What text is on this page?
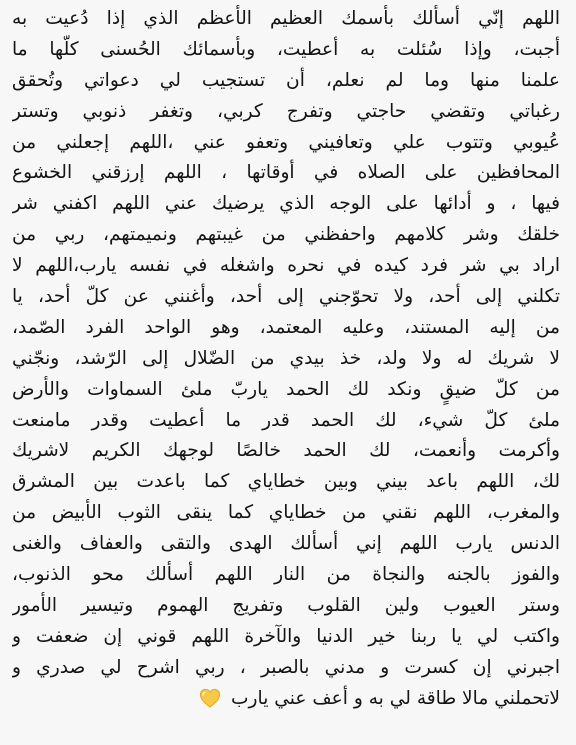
اللهم إنّي أسألك بأسمك العظيم الأعظم الذي إذا دُعيت به
أجبت، وإذا سُئلت به أعطيت، وبأسمائك الحُسنى كلّها ما
علمنا منها وما لم نعلم، أن تستجيب لي دعواتي وتُحقق
رغباتي وتقضي حاجتي وتفرج كربي، وتغفر ذنوبي وتستر
عُيوبي وتتوب علي وتعافيني وتعفو عني ،اللهم إجعلني من
المحافظين على الصلاه في أوقاتها ، اللهم إرزقني الخشوع
فيها ، و أدائها على الوجه الذي يرضيك عني اللهم اكفني شر
خلقك وشر كلامهم واحفظني من غيبتهم ونميمتهم، ربي من
اراد بي شر فرد كيده في نحره واشغله في نفسه يارب،اللهم لا
تكلني إلى أحد، ولا تحوّجني إلى أحد، وأغنني عن كلّ أحد، يا
من إليه المستند، وعليه المعتمد، وهو الواحد الفرد الصّمد،
لا شريك له ولا ولد، خذ بيدي من الضّلال إلى الرّشد، ونجّني
من كلّ ضيقٍ ونكد لك الحمد ياربّ ملئ السماوات والأرض
ملئ كلّ شيء، لك الحمد قدر ما أعطيت وقدر مامنعت
وأكرمت وأنعمت، لك الحمد خالصًا لوجهك الكريم لاشريك
لك، اللهم باعد بيني وبين خطاياي كما باعدت بين المشرق
والمغرب، اللهم نقني من خطاياي كما ينقى الثوب الأبيض من
الدنس يارب اللهم إني أسألك الهدى والتقى والعفاف والغنى
والفوز بالجنه والنجاة من النار اللهم أسألك محو الذنوب،
وستر العيوب ولين القلوب وتفريج الهموم وتيسير الأمور
واكتب لي يا ربنا خير الدنيا والآخرة اللهم قوني إن ضعفت و
اجبرني إن كسرت و مدني بالصبر ، ربي اشرح لي صدري و
لاتحملني مالا طاقة لي به و أعف عني يارب
